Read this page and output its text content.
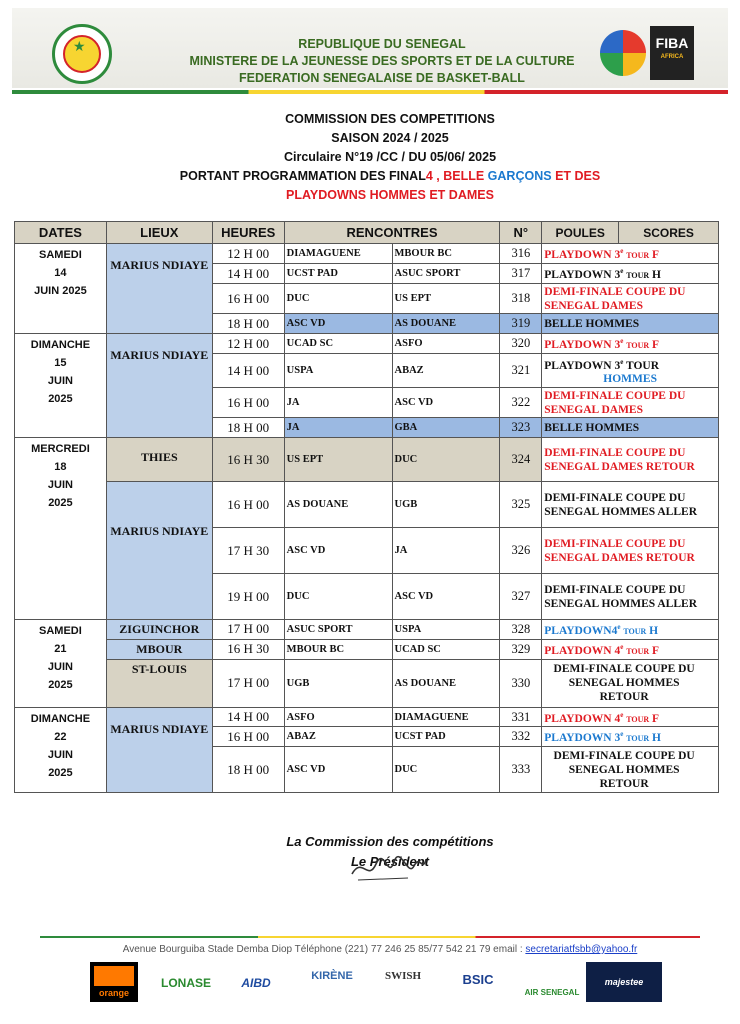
★	REPUBLIQUE DU SENEGAL
MINISTERE DE LA JEUNESSE DES SPORTS ET DE LA CULTURE
FEDERATION SENEGALAISE DE BASKET-BALL
FIBA
AFRICA
COMMISSION DES COMPETITIONS
SAISON 2024 / 2025
Circulaire N°19 /CC / DU 05/06/ 2025
PORTANT PROGRAMMATION DES FINAL4 , BELLE GARÇONS ET DES
PLAYDOWNS HOMMES ET DAMES
DATES	LIEUX	HEURES	RENCONTRES		N°	POULES	SCORES

SAMEDI
14
JUIN 2025	MARIUS NDIAYE	12 H 00	DIAMAGUENE	MBOUR BC	316	PLAYDOWN 3e TOUR F	
		14 H 00	UCST PAD	ASUC SPORT	317	PLAYDOWN 3e TOUR H	
		16 H 00	DUC	US EPT	318	DEMI-FINALE COUPE DU SENEGAL DAMES	
		18 H 00	ASC VD	AS DOUANE	319	BELLE HOMMES	

DIMANCHE
15
JUIN
2025	MARIUS NDIAYE	12 H 00	UCAD SC	ASFO	320	PLAYDOWN 3e TOUR F	
		14 H 00	USPA	ABAZ	321	PLAYDOWN 3e TOUR
HOMMES	

		16 H 00	JA	ASC VD	322	DEMI-FINALE COUPE DU SENEGAL DAMES	
		18 H 00	JA	GBA	323	BELLE HOMMES	

MERCREDI
18
JUIN
2025	THIES	16 H 30	US EPT	DUC	324	DEMI-FINALE COUPE DU SENEGAL DAMES RETOUR	
	MARIUS NDIAYE	16 H 00	AS DOUANE	UGB	325	DEMI-FINALE COUPE DU SENEGAL HOMMES ALLER	
		17 H 30	ASC VD	JA	326	DEMI-FINALE COUPE DU SENEGAL DAMES RETOUR	
		19 H 00	DUC	ASC VD	327	DEMI-FINALE COUPE DU SENEGAL HOMMES ALLER	

SAMEDI
21
JUIN
2025	ZIGUINCHOR	17 H 00	ASUC SPORT	USPA	328	PLAYDOWN4e TOUR H	
	MBOUR	16 H 30	MBOUR BC	UCAD SC	329	PLAYDOWN 4e TOUR F	
	ST-LOUIS	17 H 00	UGB	AS DOUANE	330	DEMI-FINALE COUPE DU SENEGAL HOMMES RETOUR	

DIMANCHE
22
JUIN
2025	MARIUS NDIAYE	14 H 00	ASFO	DIAMAGUENE	331	PLAYDOWN 4e TOUR F	
		16 H 00	ABAZ	UCST PAD	332	PLAYDOWN 3e TOUR H	
		18 H 00	ASC VD	DUC	333	DEMI-FINALE COUPE DU SENEGAL HOMMES RETOUR	
La Commission des compétitions
Le Président
Avenue Bourguiba Stade Demba Diop Téléphone (221) 77 246 25 85/77 542 21 79 email : secretariatfsbb@yahoo.fr
orange
LONASE	AIBD	KIRÈNE	SWISH	BSIC
AIR SENEGAL
majestee
